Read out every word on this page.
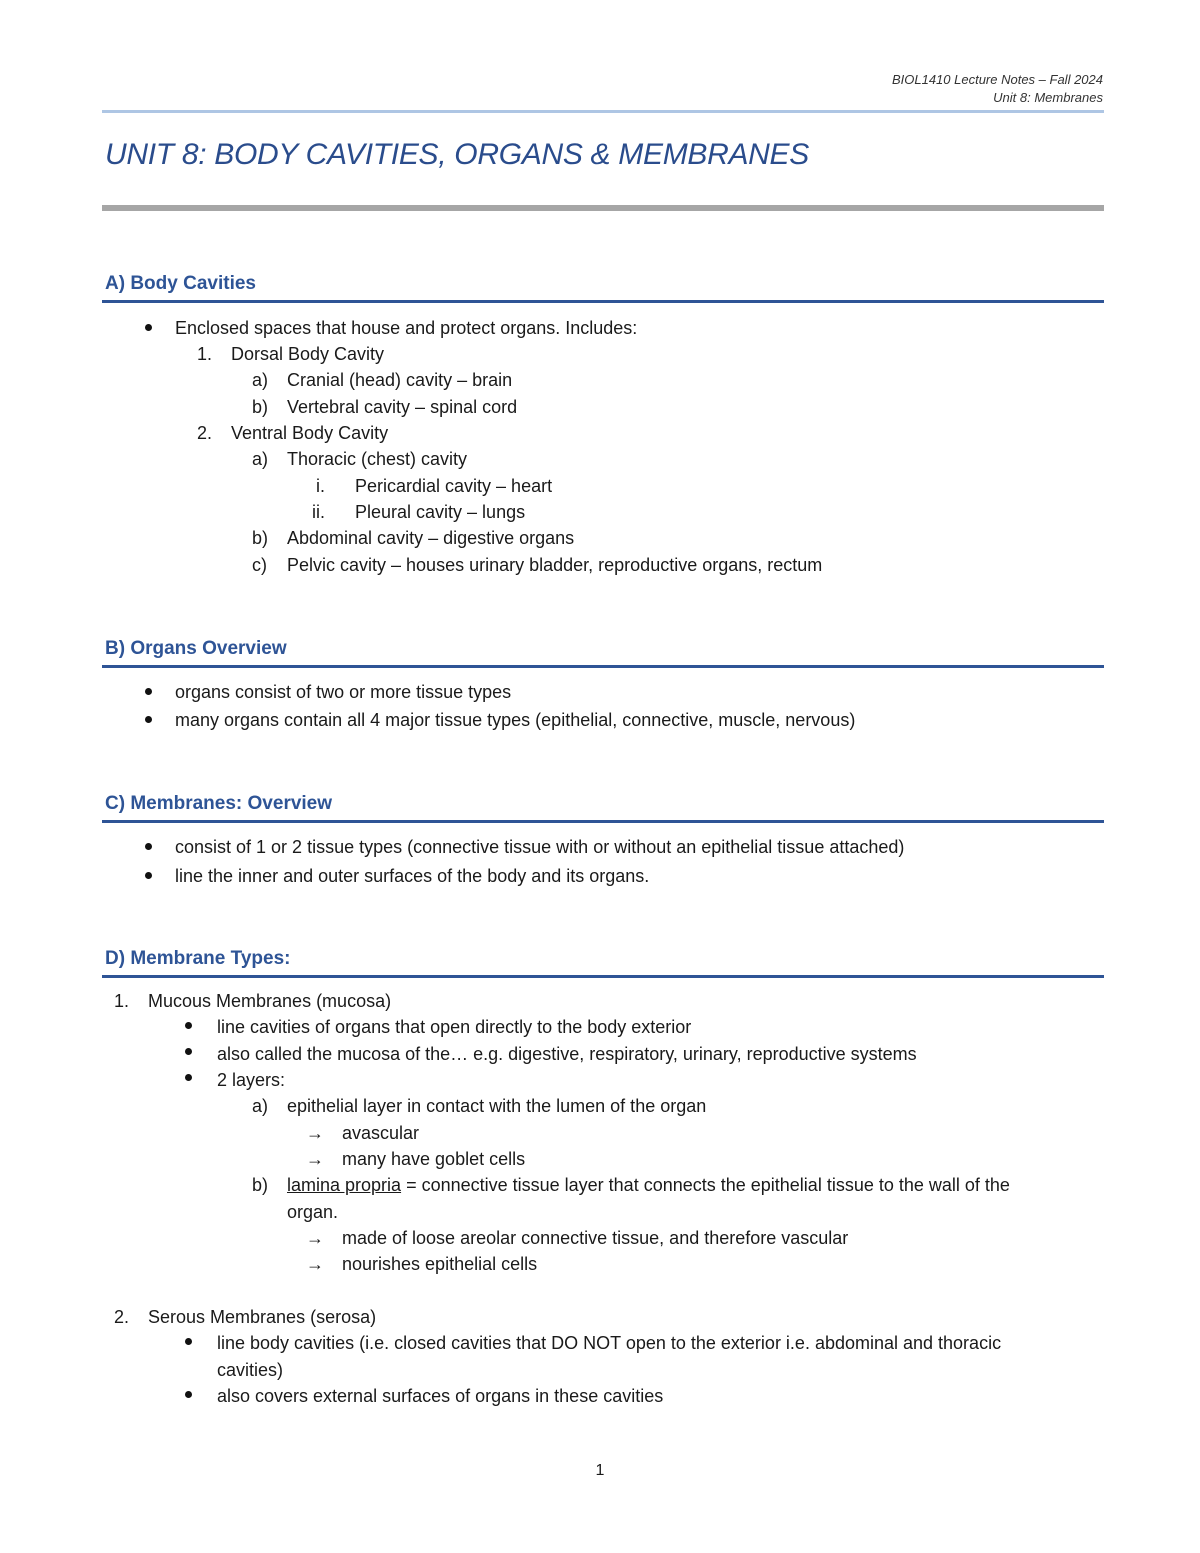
BIOL1410 Lecture Notes – Fall 2024
Unit 8: Membranes
UNIT 8: BODY CAVITIES, ORGANS & MEMBRANES
A) Body Cavities
Enclosed spaces that house and protect organs. Includes:
1. Dorsal Body Cavity
a) Cranial (head) cavity – brain
b) Vertebral cavity – spinal cord
2. Ventral Body Cavity
a) Thoracic (chest) cavity
i. Pericardial cavity – heart
ii. Pleural cavity – lungs
b) Abdominal cavity – digestive organs
c) Pelvic cavity – houses urinary bladder, reproductive organs, rectum
B) Organs Overview
organs consist of two or more tissue types
many organs contain all 4 major tissue types (epithelial, connective, muscle, nervous)
C) Membranes: Overview
consist of 1 or 2 tissue types (connective tissue with or without an epithelial tissue attached)
line the inner and outer surfaces of the body and its organs.
D) Membrane Types:
1. Mucous Membranes (mucosa)
line cavities of organs that open directly to the body exterior
also called the mucosa of the… e.g. digestive, respiratory, urinary, reproductive systems
2 layers:
a) epithelial layer in contact with the lumen of the organ
→ avascular
→ many have goblet cells
b) lamina propria = connective tissue layer that connects the epithelial tissue to the wall of the
organ.
→ made of loose areolar connective tissue, and therefore vascular
→ nourishes epithelial cells
2. Serous Membranes (serosa)
line body cavities (i.e. closed cavities that DO NOT open to the exterior i.e. abdominal and thoracic
cavities)
also covers external surfaces of organs in these cavities
1
